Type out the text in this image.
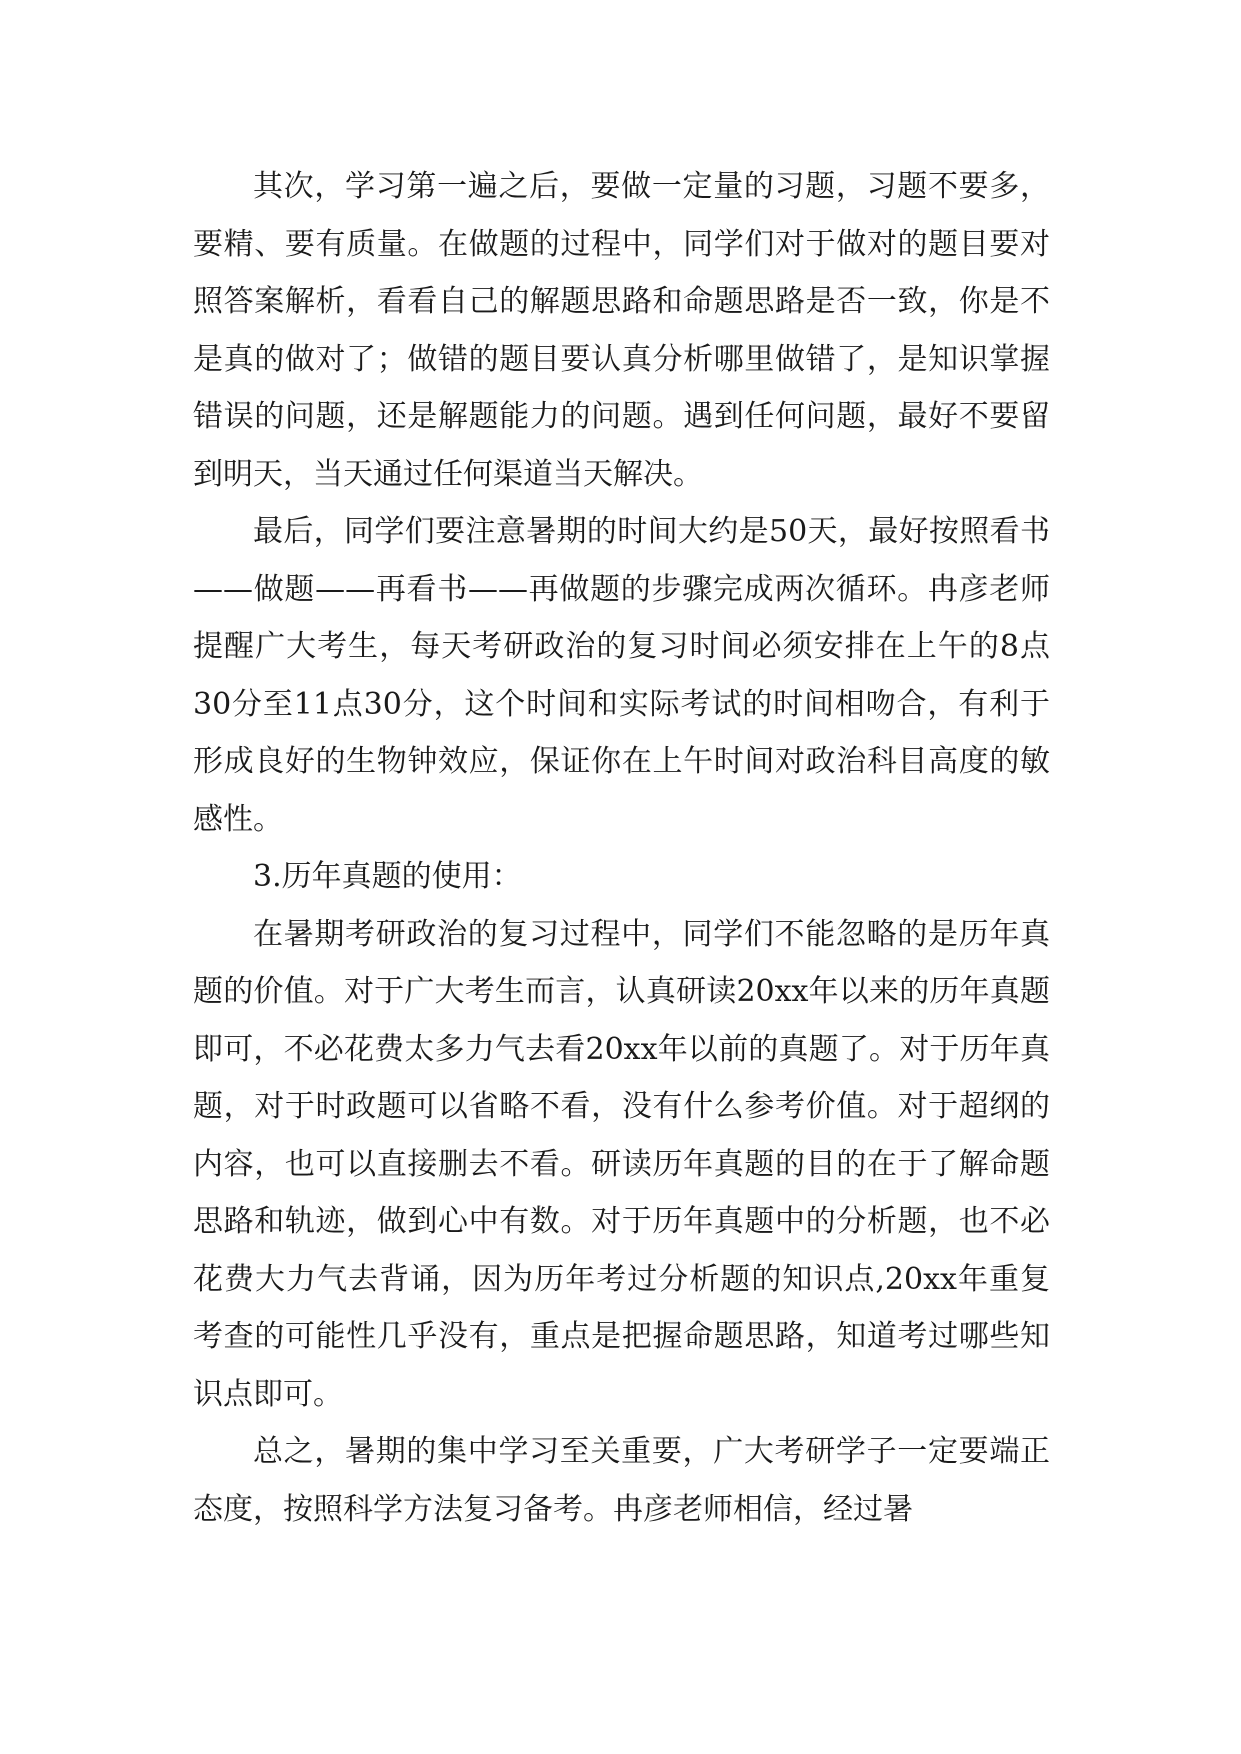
其次，学习第一遍之后，要做一定量的习题，习题不要多，要精、要有质量。在做题的过程中，同学们对于做对的题目要对照答案解析，看看自己的解题思路和命题思路是否一致，你是不是真的做对了；做错的题目要认真分析哪里做错了，是知识掌握错误的问题，还是解题能力的问题。遇到任何问题，最好不要留到明天，当天通过任何渠道当天解决。

最后，同学们要注意暑期的时间大约是50天，最好按照看书——做题——再看书——再做题的步骤完成两次循环。冉彦老师提醒广大考生，每天考研政治的复习时间必须安排在上午的8点30分至11点30分，这个时间和实际考试的时间相吻合，有利于形成良好的生物钟效应，保证你在上午时间对政治科目高度的敏感性。

3.历年真题的使用：

在暑期考研政治的复习过程中，同学们不能忽略的是历年真题的价值。对于广大考生而言，认真研读20xx年以来的历年真题即可，不必花费太多力气去看20xx年以前的真题了。对于历年真题，对于时政题可以省略不看，没有什么参考价值。对于超纲的内容，也可以直接删去不看。研读历年真题的目的在于了解命题思路和轨迹，做到心中有数。对于历年真题中的分析题，也不必花费大力气去背诵，因为历年考过分析题的知识点,20xx年重复考查的可能性几乎没有，重点是把握命题思路，知道考过哪些知识点即可。

总之，暑期的集中学习至关重要，广大考研学子一定要端正态度，按照科学方法复习备考。冉彦老师相信，经过暑
